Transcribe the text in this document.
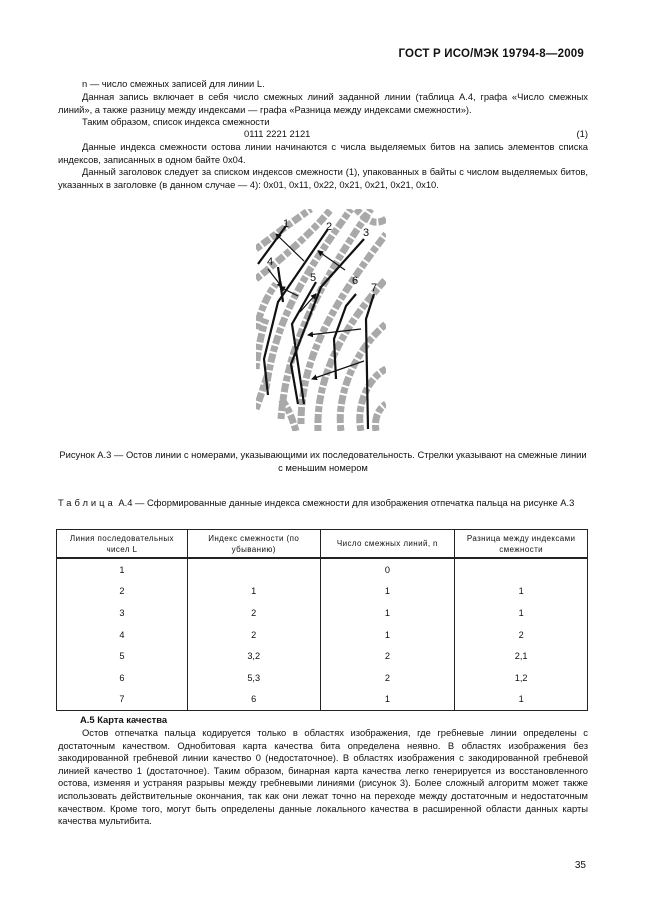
ГОСТ Р ИСО/МЭК 19794-8—2009

n — число смежных записей для линии L.

Данная запись включает в себя число смежных линий заданной линии (таблица А.4, графа «Число смежных линий», а также разницу между индексами — графа «Разница между индексами смежности»).

Таким образом, список индекса смежности

0111 2221 2121	(1)

Данные индекса смежности остова линии начинаются с числа выделяемых битов на запись элементов списка индексов, записанных в одном байте 0х04.

Данный заголовок следует за списком индексов смежности (1), упакованных в байты с числом выделяемых битов, указанных в заголовке (в данном случае — 4): 0х01, 0х11, 0х22, 0х21, 0х21, 0х21, 0х10.

1	2	3
4
5	6
7
Рисунок А.3 — Остов линии с номерами, указывающими их последовательность. Стрелки указывают на смежные линии с меньшим номером
Таблица А.4 — Сформированные данные индекса смежности для изображения отпечатка пальца на рисунке А.3
Линия последовательных чисел L	Индекс смежности (по убыванию)	Число смежных линий, n	Разница между индексами смежности
1		0	
2	1	1	1
3	2	1	1
4	2	1	2
5	3,2	2	2,1
6	5,3	2	1,2
7	6	1	1
А.5 Карта качества

Остов отпечатка пальца кодируется только в областях изображения, где гребневые линии определены с достаточным качеством. Однобитовая карта качества бита определена неявно. В областях изображения без закодированной гребневой линии качество 0 (недостаточное). В областях изображения с закодированной гребневой линией качество 1 (достаточное). Таким образом, бинарная карта качества легко генерируется из восстановленного остова, изменяя и устраняя разрывы между гребневыми линиями (рисунок 3). Более сложный алгоритм может также использовать действительные окончания, так как они лежат точно на переходе между достаточным и недостаточным качеством. Кроме того, могут быть определены данные локального качества в расширенной области данных карты качества мультибита.

35
